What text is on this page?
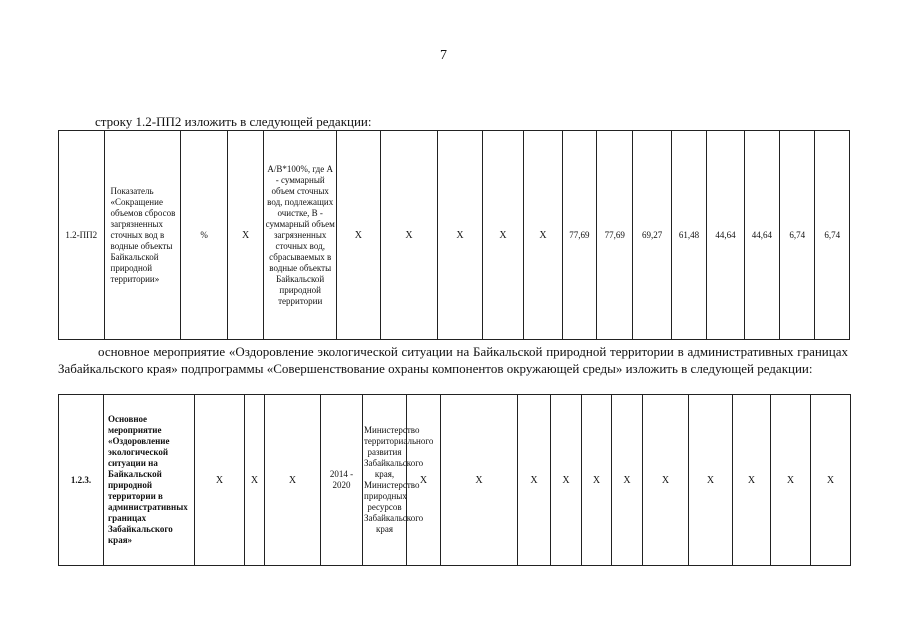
7
строку 1.2-ПП2 изложить в следующей редакции:
1.2-ПП2	Показатель «Сокращение объемов сбросов загрязненных сточных вод в водные объекты Байкальской природной территории»	%	X	A/B*100%, где A - суммарный объем сточных вод, подлежащих очистке, B - суммарный объем загрязненных сточных вод, сбрасываемых в водные объекты Байкальской природной территории	X	X	X	X	X	77,69	77,69	69,27	61,48	44,64	44,64	6,74	6,74
основное мероприятие «Оздоровление экологической ситуации на Байкальской природной территории в административных границах Забайкальского края» подпрограммы «Совершенствование охраны компонентов окружающей среды» изложить в следующей редакции:
1.2.3.	Основное мероприятие «Оздоровление экологической ситуации на Байкальской природной территории в административных границах Забайкальского края»	X	X	X	2014 - 2020	Министерство территориального развития Забайкальского края, Министерство природных ресурсов Забайкальского края	X	X	X	X	X	X	X	X	X	X	X
